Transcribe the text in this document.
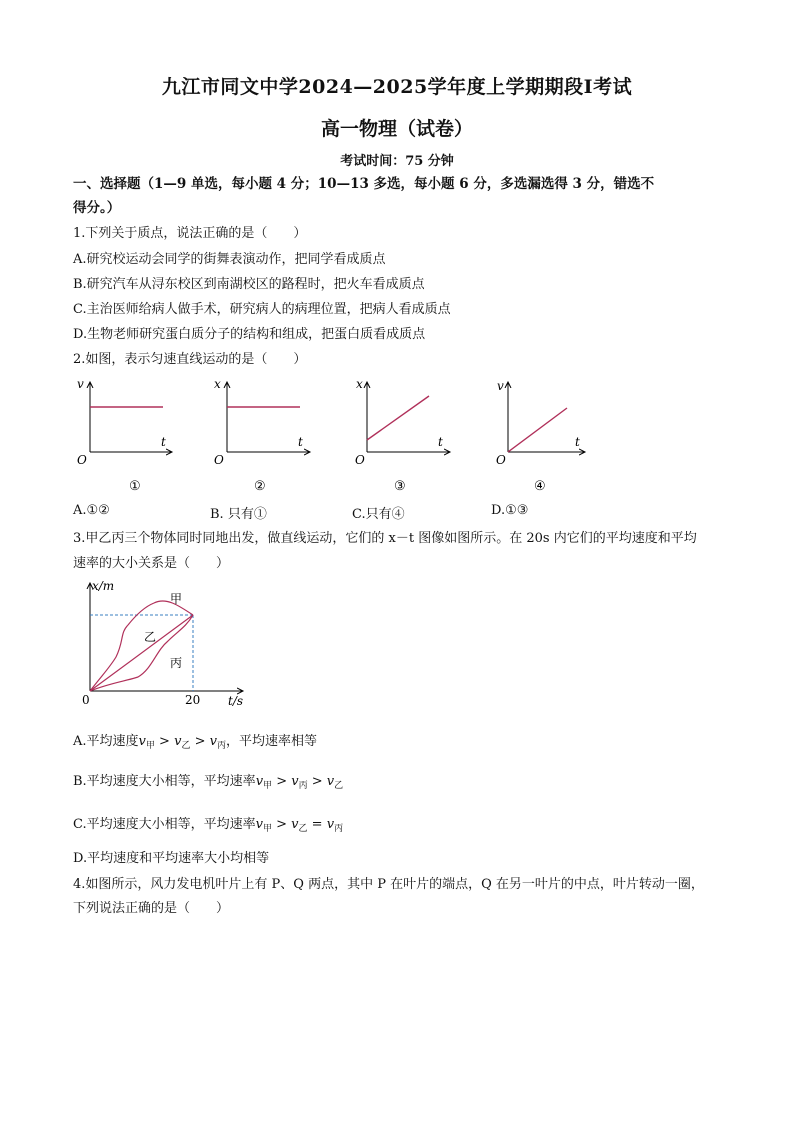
九江市同文中学2024—2025学年度上学期期段Ⅰ考试
高一物理（试卷）
考试时间：75 分钟
一、选择题（1—9 单选，每小题 4 分；10—13 多选，每小题 6 分，多选漏选得 3 分，错选不
得分。）
1.下列关于质点，说法正确的是（　　）
A.研究校运动会同学的街舞表演动作，把同学看成质点
B.研究汽车从浔东校区到南湖校区的路程时，把火车看成质点
C.主治医师给病人做手术，研究病人的病理位置，把病人看成质点
D.生物老师研究蛋白质分子的结构和组成，把蛋白质看成质点
2.如图，表示匀速直线运动的是（　　）
v
t
O
①
x
t
O
②
x
t
O
③
v
t
O
④
A.①②	B. 只有①	C.只有④	D.①③
3.甲乙丙三个物体同时同地出发，做直线运动，它们的 x－t 图像如图所示。在 20s 内它们的平均速度和平均
速率的大小关系是（　　）
x/m
t/s
0	20
甲
乙
丙
A.平均速度$v_甲 > v_乙 > v_丙$，平均速率相等
B.平均速度大小相等，平均速率$v_甲 > v_丙 > v_乙$
C.平均速度大小相等，平均速率$v_甲 > v_乙 = v_丙$
D.平均速度和平均速率大小均相等
4.如图所示，风力发电机叶片上有 P、Q 两点，其中 P 在叶片的端点，Q 在另一叶片的中点，叶片转动一圈，
下列说法正确的是（　　）
